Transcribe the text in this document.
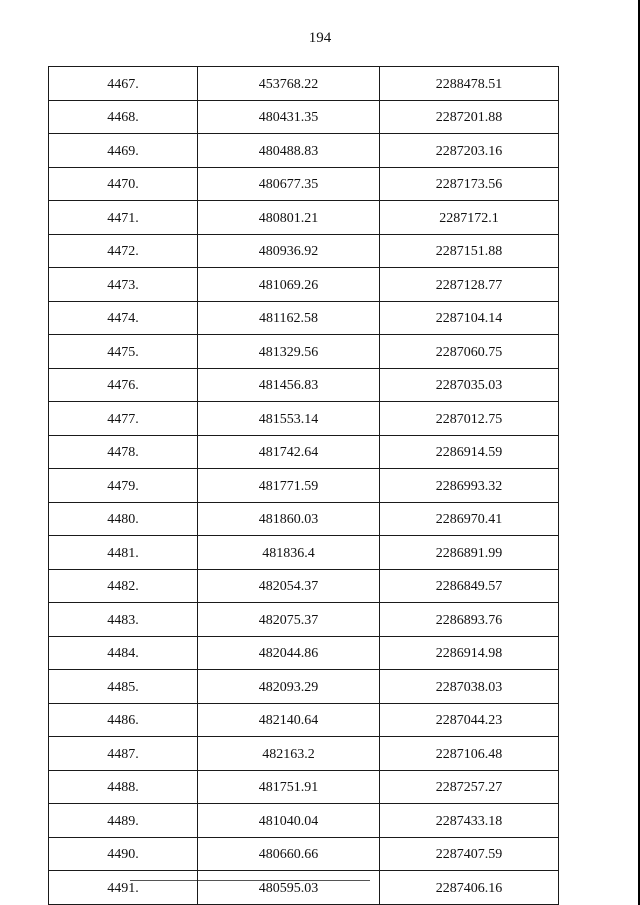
194
4467.	453768.22	2288478.51
4468.	480431.35	2287201.88
4469.	480488.83	2287203.16
4470.	480677.35	2287173.56
4471.	480801.21	2287172.1
4472.	480936.92	2287151.88
4473.	481069.26	2287128.77
4474.	481162.58	2287104.14
4475.	481329.56	2287060.75
4476.	481456.83	2287035.03
4477.	481553.14	2287012.75
4478.	481742.64	2286914.59
4479.	481771.59	2286993.32
4480.	481860.03	2286970.41
4481.	481836.4	2286891.99
4482.	482054.37	2286849.57
4483.	482075.37	2286893.76
4484.	482044.86	2286914.98
4485.	482093.29	2287038.03
4486.	482140.64	2287044.23
4487.	482163.2	2287106.48
4488.	481751.91	2287257.27
4489.	481040.04	2287433.18
4490.	480660.66	2287407.59
4491.	480595.03	2287406.16
